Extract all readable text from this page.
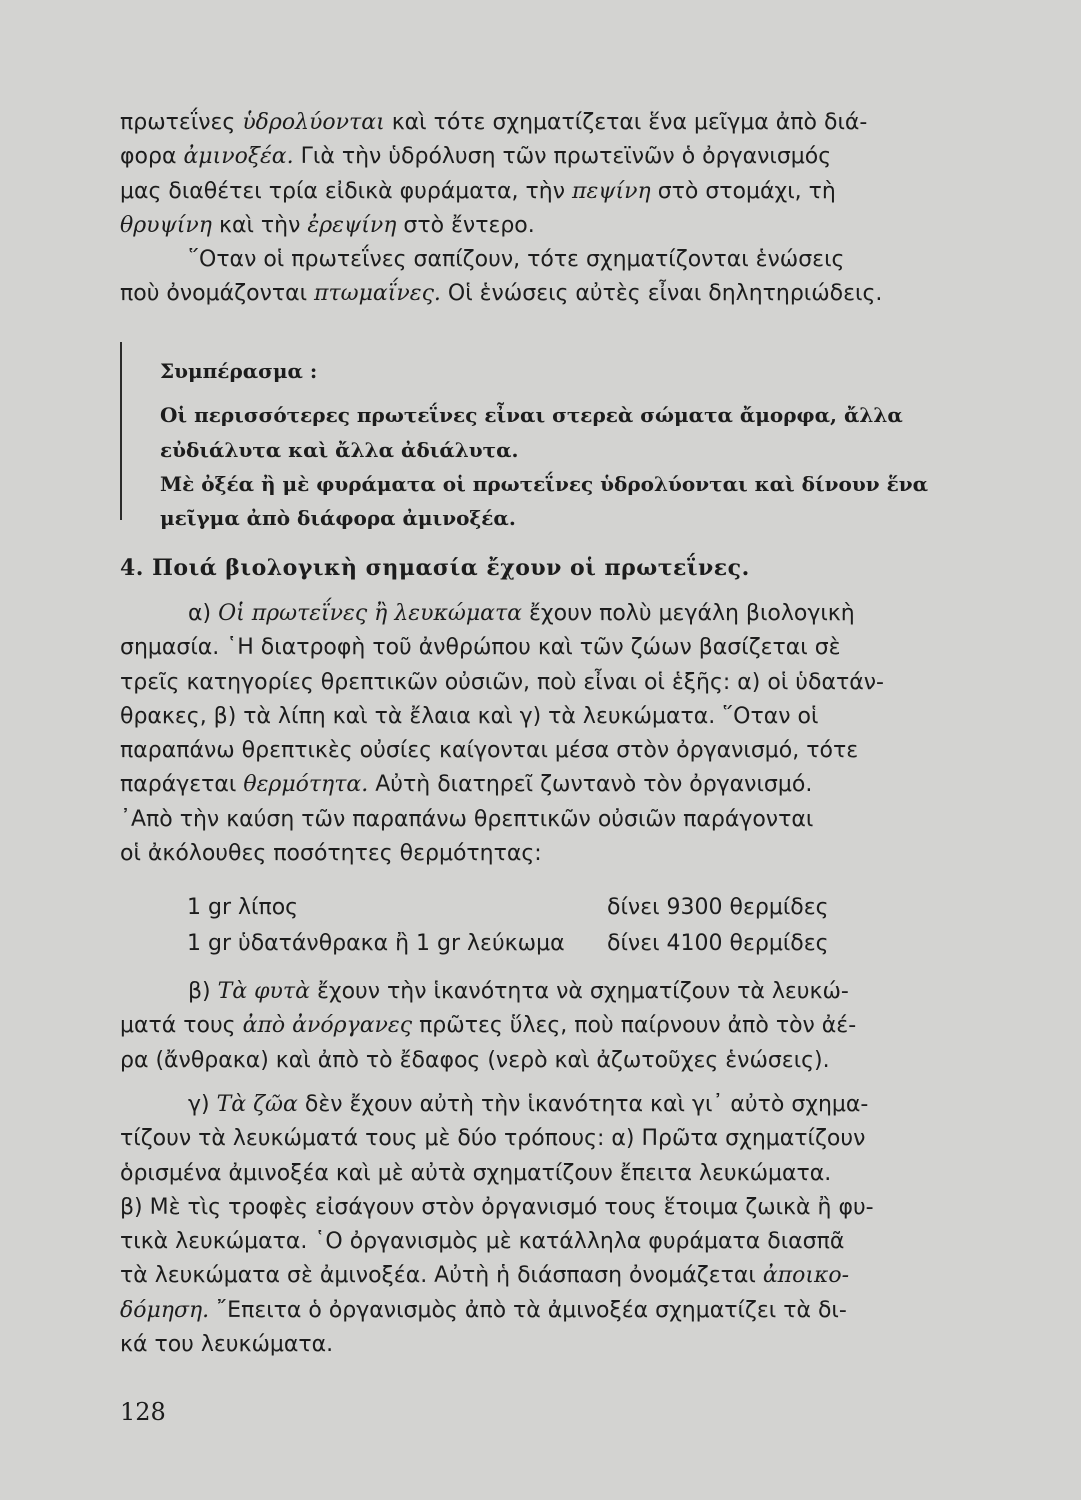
πρωτεΐνες ὑδρολύονται καὶ τότε σχηματίζεται ἕνα μεῖγμα ἀπὸ διά-

φορα ἀμινοξέα. Γιὰ τὴν ὑδρόλυση τῶν πρωτεϊνῶν ὁ ὀργανισμός

μας διαθέτει τρία εἰδικὰ φυράματα, τὴν πεψίνη στὸ στομάχι, τὴ

θρυψίνη καὶ τὴν ἐρεψίνη στὸ ἔντερο.

῞Οταν οἱ πρωτεΐνες σαπίζουν, τότε σχηματίζονται ἑνώσεις

ποὺ ὀνομάζονται πτωμαΐνες. Οἱ ἑνώσεις αὐτὲς εἶναι δηλητηριώδεις.

Συμπέρασμα :

Οἱ περισσότερες πρωτεΐνες εἶναι στερεὰ σώματα ἄμορφα, ἄλλα

εὐδιάλυτα καὶ ἄλλα ἀδιάλυτα.

Μὲ ὀξέα ἢ μὲ φυράματα οἱ πρωτεΐνες ὑδρολύονται καὶ δίνουν ἕνα

μεῖγμα ἀπὸ διάφορα ἀμινοξέα.

4. Ποιά βιολογικὴ σημασία ἔχουν οἱ πρωτεΐνες.

α) Οἱ πρωτεΐνες ἢ λευκώματα ἔχουν πολὺ μεγάλη βιολογικὴ

σημασία. ῾Η διατροφὴ τοῦ ἀνθρώπου καὶ τῶν ζώων βασίζεται σὲ

τρεῖς κατηγορίες θρεπτικῶν οὐσιῶν, ποὺ εἶναι οἱ ἑξῆς: α) οἱ ὑδατάν-

θρακες, β) τὰ λίπη καὶ τὰ ἔλαια καὶ γ) τὰ λευκώματα. ῞Οταν οἱ

παραπάνω θρεπτικὲς οὐσίες καίγονται μέσα στὸν ὀργανισμό, τότε

παράγεται θερμότητα. Αὐτὴ διατηρεῖ ζωντανὸ τὸν ὀργανισμό.

᾽Απὸ τὴν καύση τῶν παραπάνω θρεπτικῶν οὐσιῶν παράγονται

οἱ ἀκόλουθες ποσότητες θερμότητας:

1 gr λίπος	δίνει 9300 θερμίδες
1 gr ὑδατάνθρακα ἢ 1 gr λεύκωμα δίνει 4100 θερμίδες

β) Τὰ φυτὰ ἔχουν τὴν ἱκανότητα νὰ σχηματίζουν τὰ λευκώ-

ματά τους ἀπὸ ἀνόργανες πρῶτες ὕλες, ποὺ παίρνουν ἀπὸ τὸν ἀέ-

ρα (ἄνθρακα) καὶ ἀπὸ τὸ ἔδαφος (νερὸ καὶ ἀζωτοῦχες ἑνώσεις).

γ) Τὰ ζῶα δὲν ἔχουν αὐτὴ τὴν ἱκανότητα καὶ γι᾽ αὐτὸ σχημα-

τίζουν τὰ λευκώματά τους μὲ δύο τρόπους: α) Πρῶτα σχηματίζουν

ὁρισμένα ἀμινοξέα καὶ μὲ αὐτὰ σχηματίζουν ἔπειτα λευκώματα.

β) Μὲ τὶς τροφὲς εἰσάγουν στὸν ὀργανισμό τους ἕτοιμα ζωικὰ ἢ φυ-

τικὰ λευκώματα. ῾Ο ὀργανισμὸς μὲ κατάλληλα φυράματα διασπᾶ

τὰ λευκώματα σὲ ἀμινοξέα. Αὐτὴ ἡ διάσπαση ὀνομάζεται ἀποικο-

δόμηση. ῎Επειτα ὁ ὀργανισμὸς ἀπὸ τὰ ἀμινοξέα σχηματίζει τὰ δι-

κά του λευκώματα.

128
